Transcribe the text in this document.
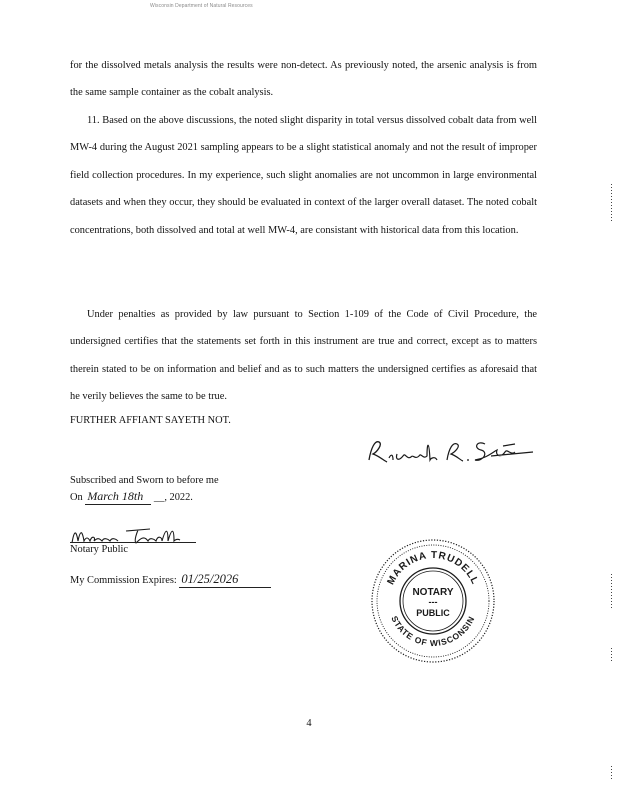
Wisconsin Department of Natural Resources

for the dissolved metals analysis the results were non-detect. As previously noted, the arsenic analysis is from the same sample container as the cobalt analysis.

11. Based on the above discussions, the noted slight disparity in total versus dissolved cobalt data from well MW-4 during the August 2021 sampling appears to be a slight statistical anomaly and not the result of improper field collection procedures. In my experience, such slight anomalies are not uncommon in large environmental datasets and when they occur, they should be evaluated in context of the larger overall dataset. The noted cobalt concentrations, both dissolved and total at well MW-4, are consistant with historical data from this location.

Under penalties as provided by law pursuant to Section 1-109 of the Code of Civil Procedure, the undersigned certifies that the statements set forth in this instrument are true and correct, except as to matters therein stated to be on information and belief and as to such matters the undersigned certifies as aforesaid that he verily believes the same to be true.

FURTHER AFFIANT SAYETH NOT.
Subscribed and Sworn to before me
On March 18th __, 2022.
Notary Public
My Commission Expires: 01/25/2026	MARINA TRUDELL
STATE OF WISCONSIN
NOTARY
---
PUBLIC
4
